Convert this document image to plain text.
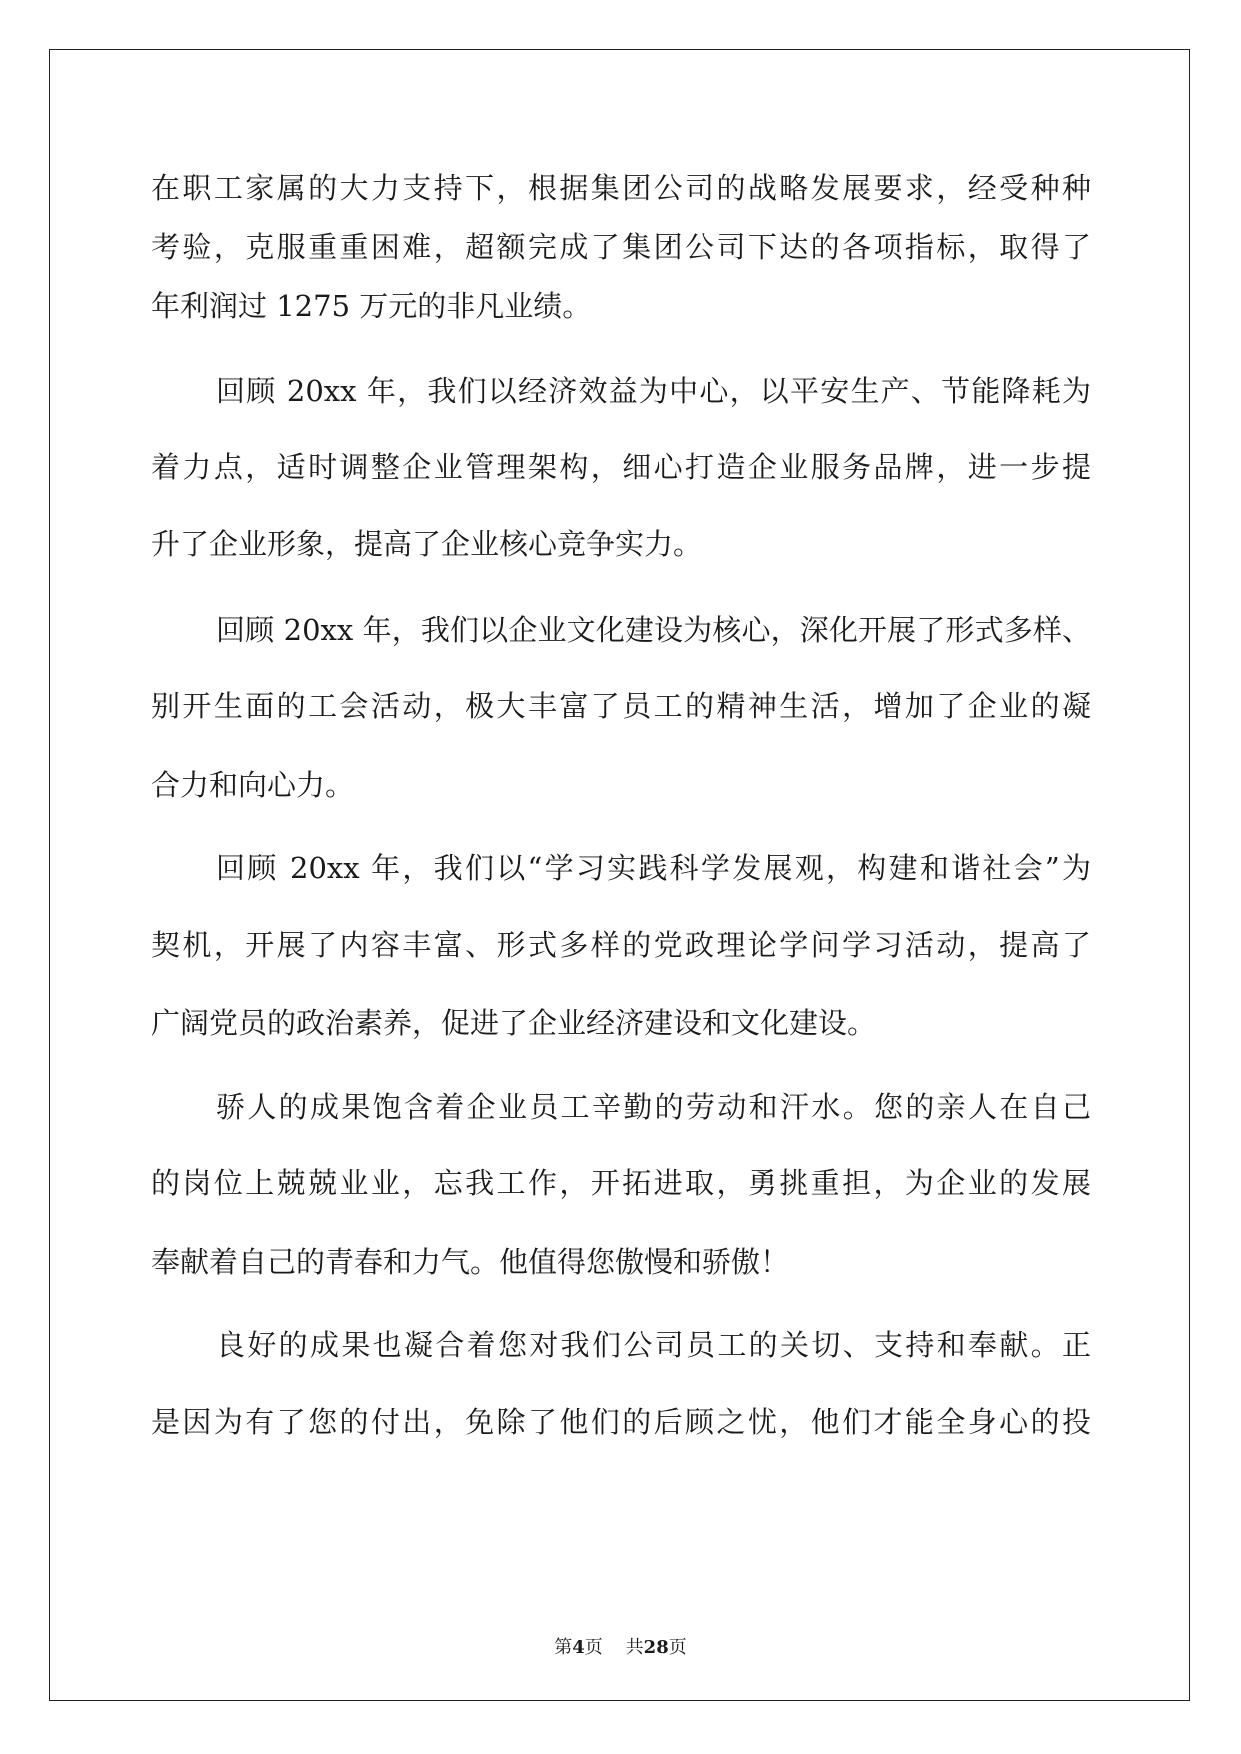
在职工家属的大力支持下，根据集团公司的战略发展要求，经受种种
考验，克服重重困难，超额完成了集团公司下达的各项指标，取得了
年利润过 1275 万元的非凡业绩。
回顾 20xx 年，我们以经济效益为中心，以平安生产、节能降耗为
着力点，适时调整企业管理架构，细心打造企业服务品牌，进一步提
升了企业形象，提高了企业核心竞争实力。
回顾 20xx 年，我们以企业文化建设为核心，深化开展了形式多样、
别开生面的工会活动，极大丰富了员工的精神生活，增加了企业的凝
合力和向心力。
回顾 20xx 年，我们以“学习实践科学发展观，构建和谐社会”为
契机，开展了内容丰富、形式多样的党政理论学问学习活动，提高了
广阔党员的政治素养，促进了企业经济建设和文化建设。
骄人的成果饱含着企业员工辛勤的劳动和汗水。您的亲人在自己
的岗位上兢兢业业，忘我工作，开拓进取，勇挑重担，为企业的发展
奉献着自己的青春和力气。他值得您傲慢和骄傲！
良好的成果也凝合着您对我们公司员工的关切、支持和奉献。正
是因为有了您的付出，免除了他们的后顾之忧，他们才能全身心的投
第4页 共28页
